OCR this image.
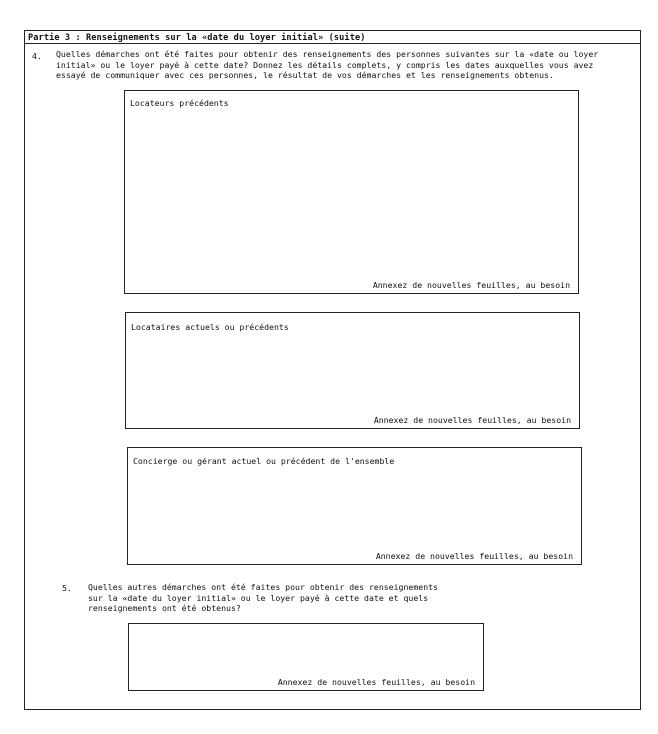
Partie 3 : Renseignements sur la «date du loyer initial» (suite)
4. Quelles démarches ont été faites pour obtenir des renseignements des personnes suivantes sur la «date ou loyer
initial» ou le loyer payé à cette date? Donnez les détails complets, y compris les dates auxquelles vous avez
essayé de communiquer avec ces personnes, le résultat de vos démarches et les renseignements obtenus.
Locateurs précédents
Annexez de nouvelles feuilles, au besoin
Locataires actuels ou précédents
Annexez de nouvelles feuilles, au besoin
Concierge ou gérant actuel ou précédent de l'ensemble
Annexez de nouvelles feuilles, au besoin
5. Quelles autres démarches ont été faites pour obtenir des renseignements
sur la «date du loyer initial» ou le loyer payé à cette date et quels
renseignements ont été obtenus?
Annexez de nouvelles feuilles, au besoin
